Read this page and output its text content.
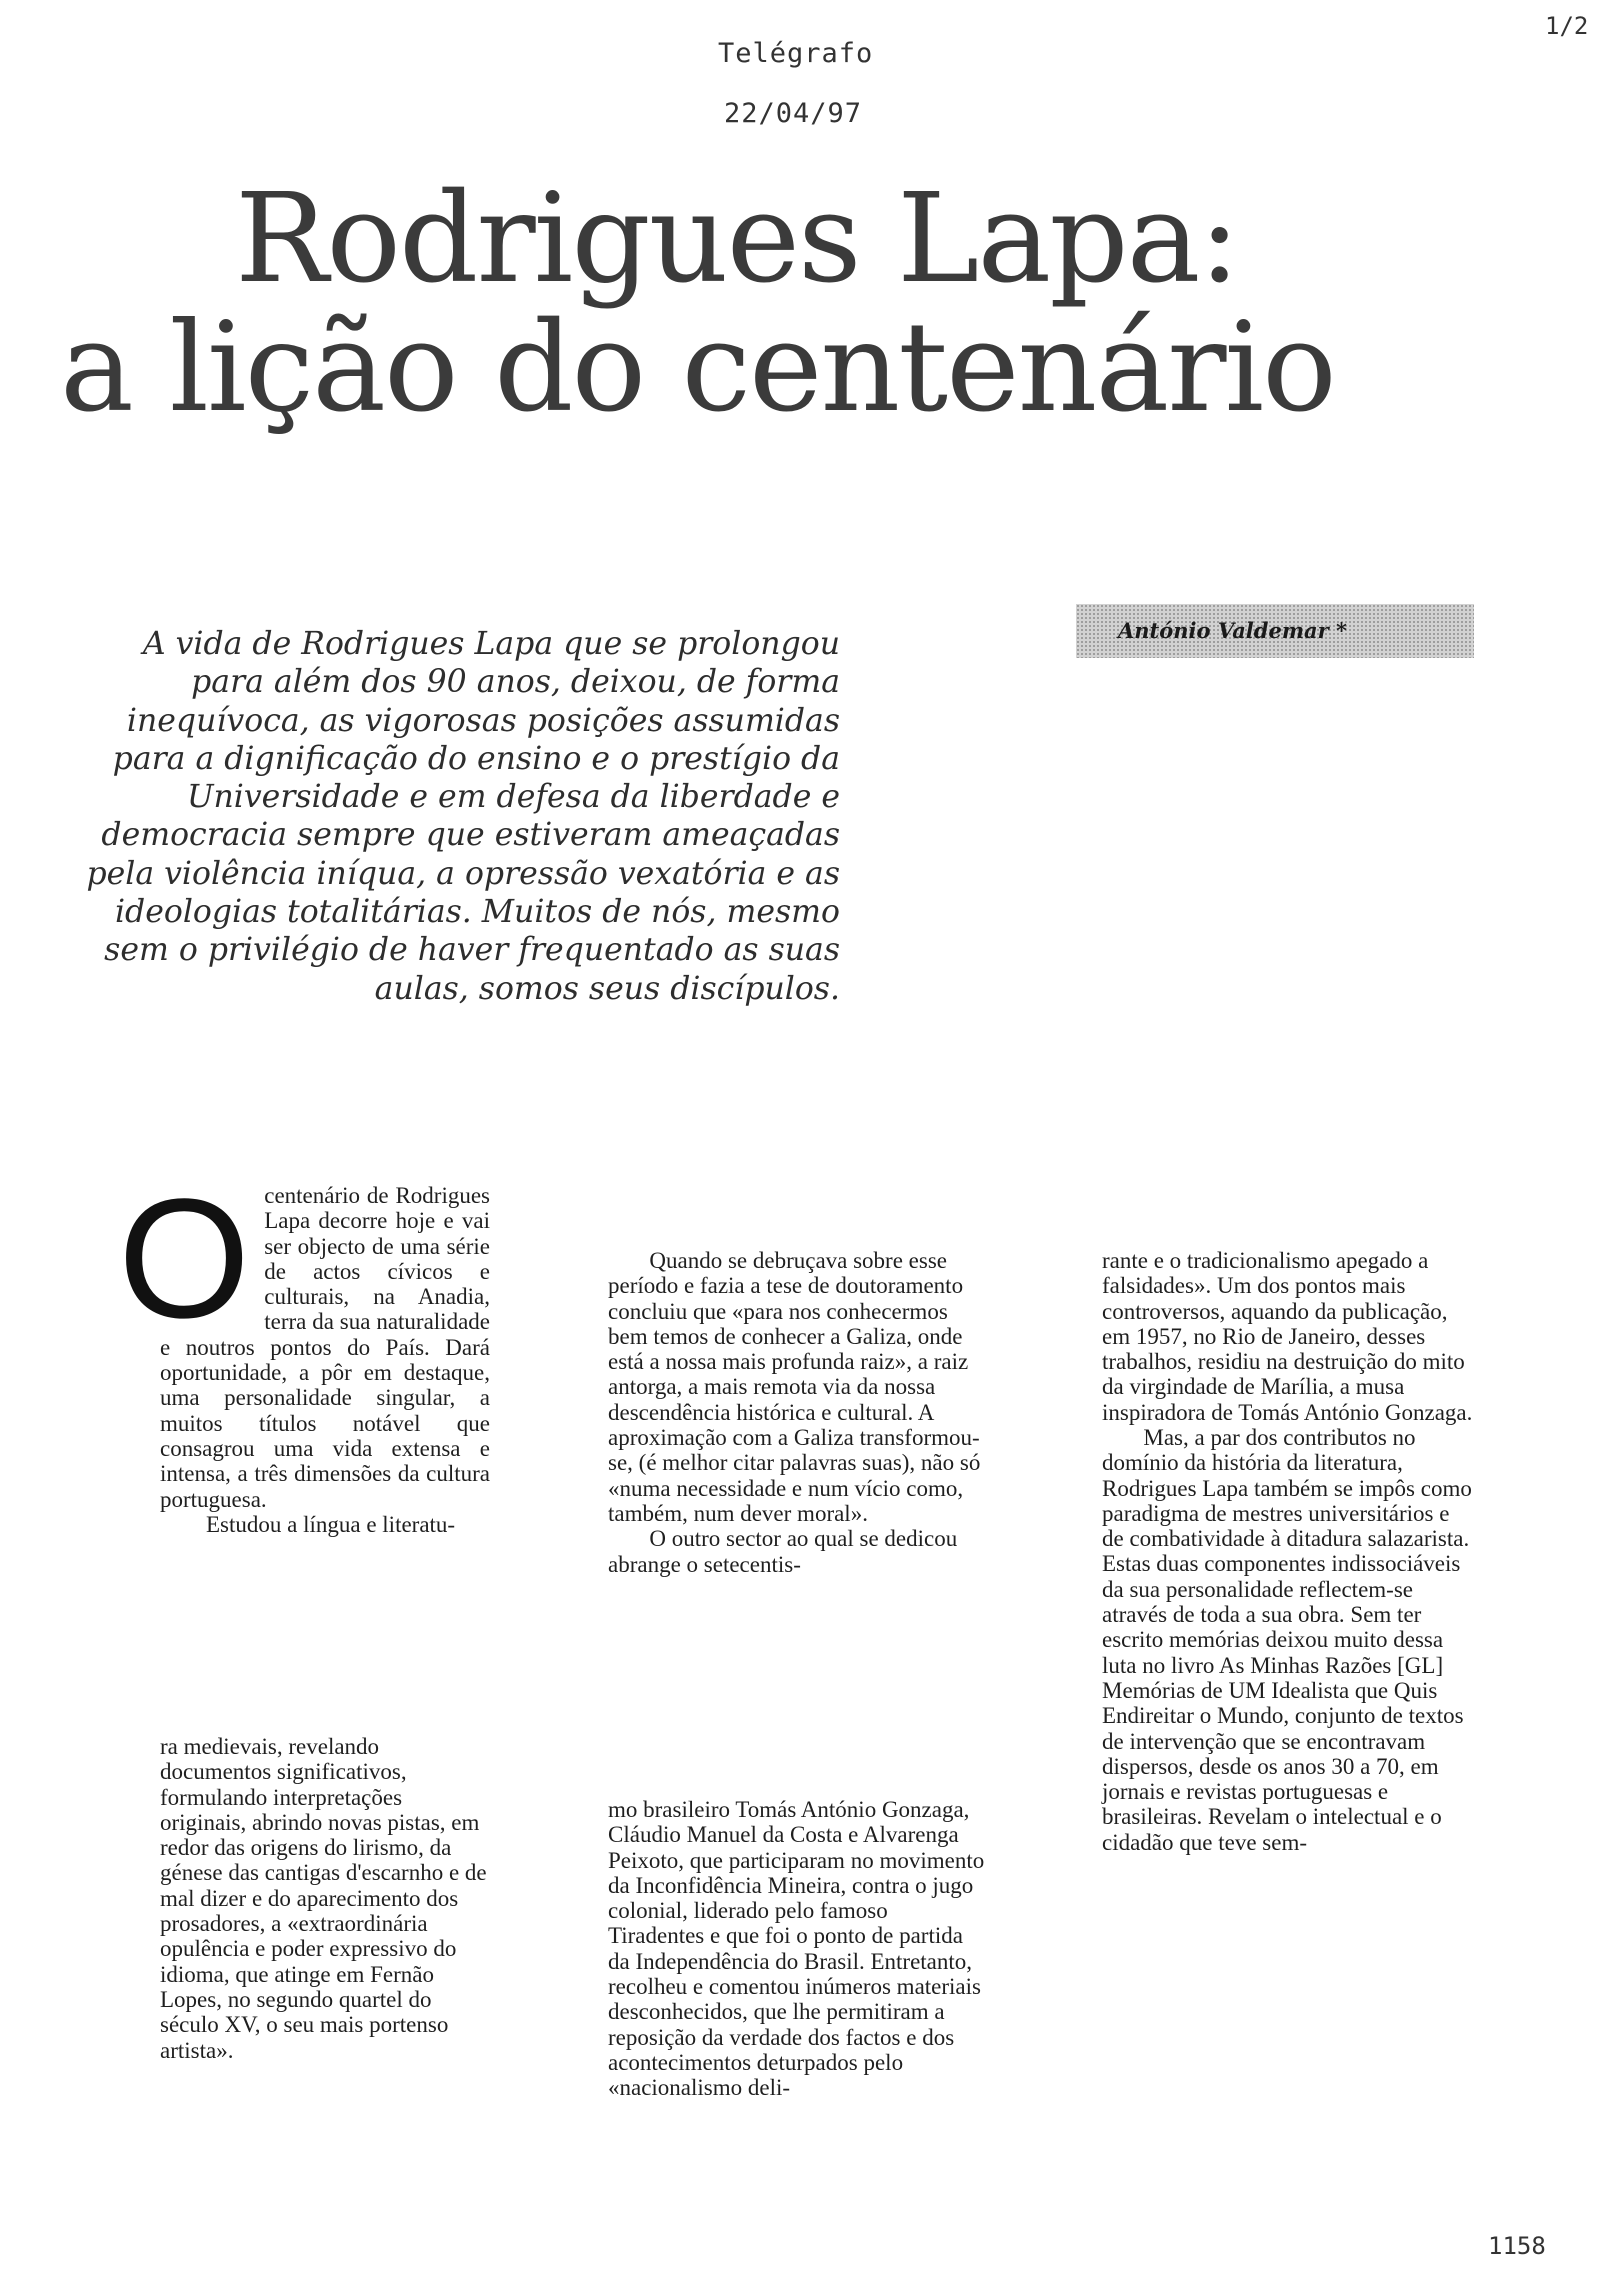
Telégrafo
22/04/97
1/2
Rodrigues Lapa:
a lição do centenário
António Valdemar *

A vida de Rodrigues Lapa que se prolongou para além dos 90 anos, deixou, de forma inequívoca, as vigorosas posições assumidas para a dignificação do ensino e o prestígio da Universidade e em defesa da liberdade e democracia sempre que estiveram ameaçadas pela violência iníqua, a opressão vexatória e as ideologias totalitárias. Muitos de nós, mesmo sem o privilégio de haver frequentado as suas aulas, somos seus discípulos.

O centenário de Rodrigues Lapa decorre hoje e vai ser objecto de uma série de actos cívicos e culturais, na Anadia, terra da sua naturalidade e noutros pontos do País. Dará oportunidade, a pôr em destaque, uma personalidade singular, a muitos títulos notável que consagrou uma vida extensa e intensa, a três dimensões da cultura portuguesa.

Estudou a língua e literatu-

Quando se debruçava sobre esse período e fazia a tese de doutoramento concluiu que «para nos conhecermos bem temos de conhecer a Galiza, onde está a nossa mais profunda raiz», a raiz antorga, a mais remota via da nossa descendência histórica e cultural. A aproximação com a Galiza transformou-se, (é melhor citar palavras suas), não só «numa necessidade e num vício como, também, num dever moral».

O outro sector ao qual se dedicou abrange o setecentis-

rante e o tradicionalismo apegado a falsidades». Um dos pontos mais controversos, aquando da publicação, em 1957, no Rio de Janeiro, desses trabalhos, residiu na destruição do mito da virgindade de Marília, a musa inspiradora de Tomás António Gonzaga.

ra medievais, revelando documentos significativos, formulando interpretações originais, abrindo novas pistas, em redor das origens do lirismo, da génese das cantigas d'escarnho e de mal dizer e do aparecimento dos prosadores, a «extraordinária opulência e poder expressivo do idioma, que atinge em Fernão Lopes, no segundo quartel do século XV, o seu mais portenso artista».

mo brasileiro Tomás António Gonzaga, Cláudio Manuel da Costa e Alvarenga Peixoto, que participaram no movimento da Inconfidência Mineira, contra o jugo colonial, liderado pelo famoso Tiradentes e que foi o ponto de partida da Independência do Brasil. Entretanto, recolheu e comentou inúmeros materiais desconhecidos, que lhe permitiram a reposição da verdade dos factos e dos acontecimentos deturpados pelo «nacionalismo deli-

Mas, a par dos contributos no domínio da história da literatura, Rodrigues Lapa também se impôs como paradigma de mestres universitários e de combatividade à ditadura salazarista. Estas duas componentes indissociáveis da sua personalidade reflectem-se através de toda a sua obra. Sem ter escrito memórias deixou muito dessa luta no livro As Minhas Razões [GL] Memórias de UM Idealista que Quis Endireitar o Mundo, conjunto de textos de intervenção que se encontravam dispersos, desde os anos 30 a 70, em jornais e revistas portuguesas e brasileiras. Revelam o intelectual e o cidadão que teve sem-

1158
